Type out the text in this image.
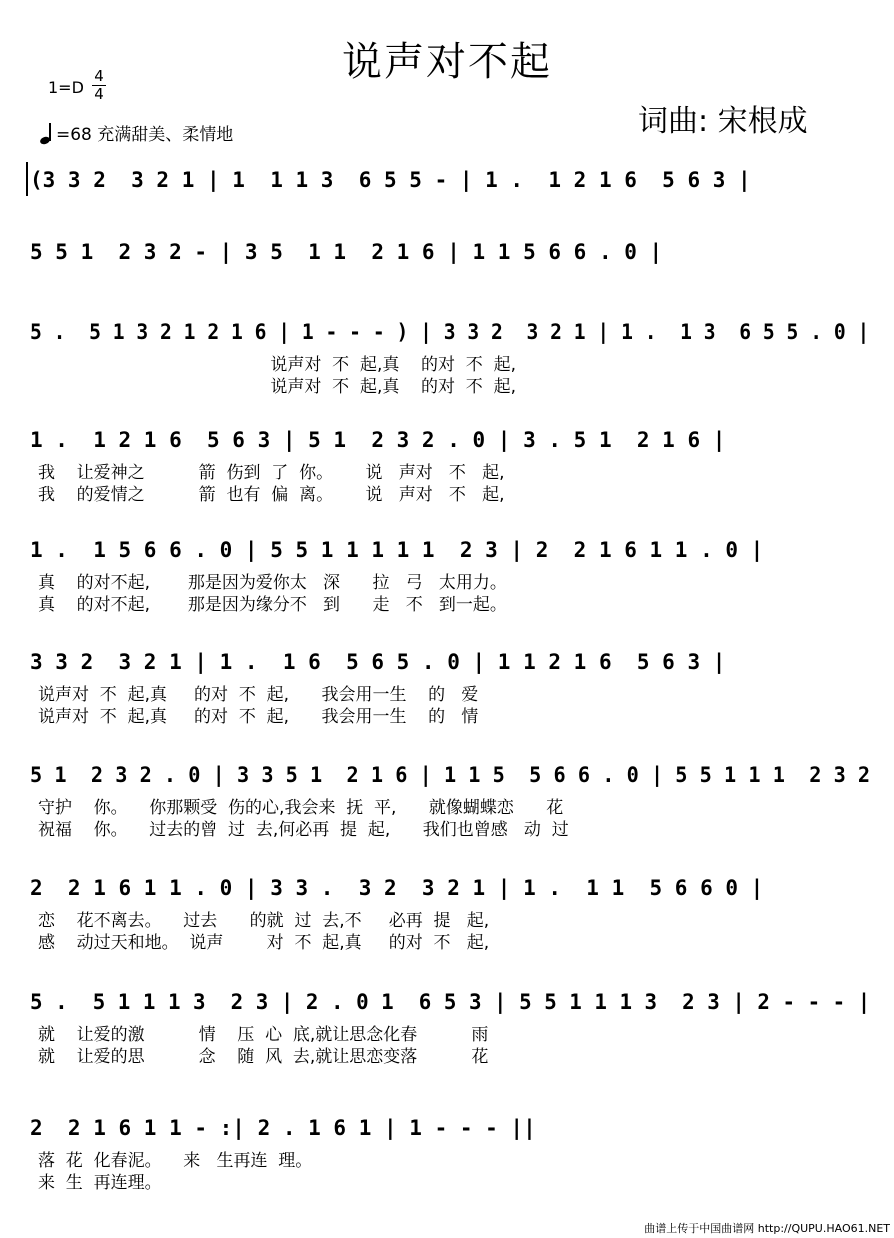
说声对不起
1=D
4
4
=68 充满甜美、柔情地	词曲: 宋根成
(3 3 2  3 2 1 | 1  1 1 3  6 5 5 - | 1 .  1 2 1 6  5 6 3 |
5 5 1  2 3 2 - | 3 5  1 1  2 1 6 | 1 1 5 6 6 . 0 |
5 .  5 1 3 2 1 2 1 6 | 1 - - - ) | 3 3 2  3 2 1 | 1 .  1 3  6 5 5 . 0 |
说声对  不  起,真    的对  不  起,
说声对  不  起,真    的对  不  起,
1 .  1 2 1 6  5 6 3 | 5 1  2 3 2 . 0 | 3 . 5 1  2 1 6 |
我    让爱神之          箭  伤到  了  你。      说   声对   不   起,
我    的爱情之          箭  也有  偏  离。      说   声对   不   起,
1 .  1 5 6 6 . 0 | 5 5 1 1 1 1 1  2 3 | 2  2 1 6 1 1 . 0 |
真    的对不起,       那是因为爱你太   深      拉   弓   太用力。
真    的对不起,       那是因为缘分不   到      走   不   到一起。
3 3 2  3 2 1 | 1 .  1 6  5 6 5 . 0 | 1 1 2 1 6  5 6 3 |
说声对  不  起,真     的对  不  起,      我会用一生    的   爱
说声对  不  起,真     的对  不  起,      我会用一生    的   情
5 1  2 3 2 . 0 | 3 3 5 1  2 1 6 | 1 1 5  5 6 6 . 0 | 5 5 1 1 1  2 3 2
守护    你。    你那颗受  伤的心,我会来  抚  平,      就像蝴蝶恋      花
祝福    你。    过去的曾  过  去,何必再  提  起,      我们也曾感   动  过
2  2 1 6 1 1 . 0 | 3 3 .  3 2  3 2 1 | 1 .  1 1  5 6 6 0 |
恋    花不离去。    过去      的就  过  去,不     必再  提   起,
感    动过天和地。  说声        对  不  起,真     的对  不   起,
5 .  5 1 1 1 3  2 3 | 2 . 0 1  6 5 3 | 5 5 1 1 1 3  2 3 | 2 - - - |
就    让爱的激          情    压  心  底,就让思念化春          雨
就    让爱的思          念    随  风  去,就让思恋变落          花
2  2 1 6 1 1 - :| 2 . 1 6 1 | 1 - - - ||
落  花  化春泥。    来   生再连  理。
来  生  再连理。
曲谱上传于中国曲谱网 http://QUPU.HAO61.NET
